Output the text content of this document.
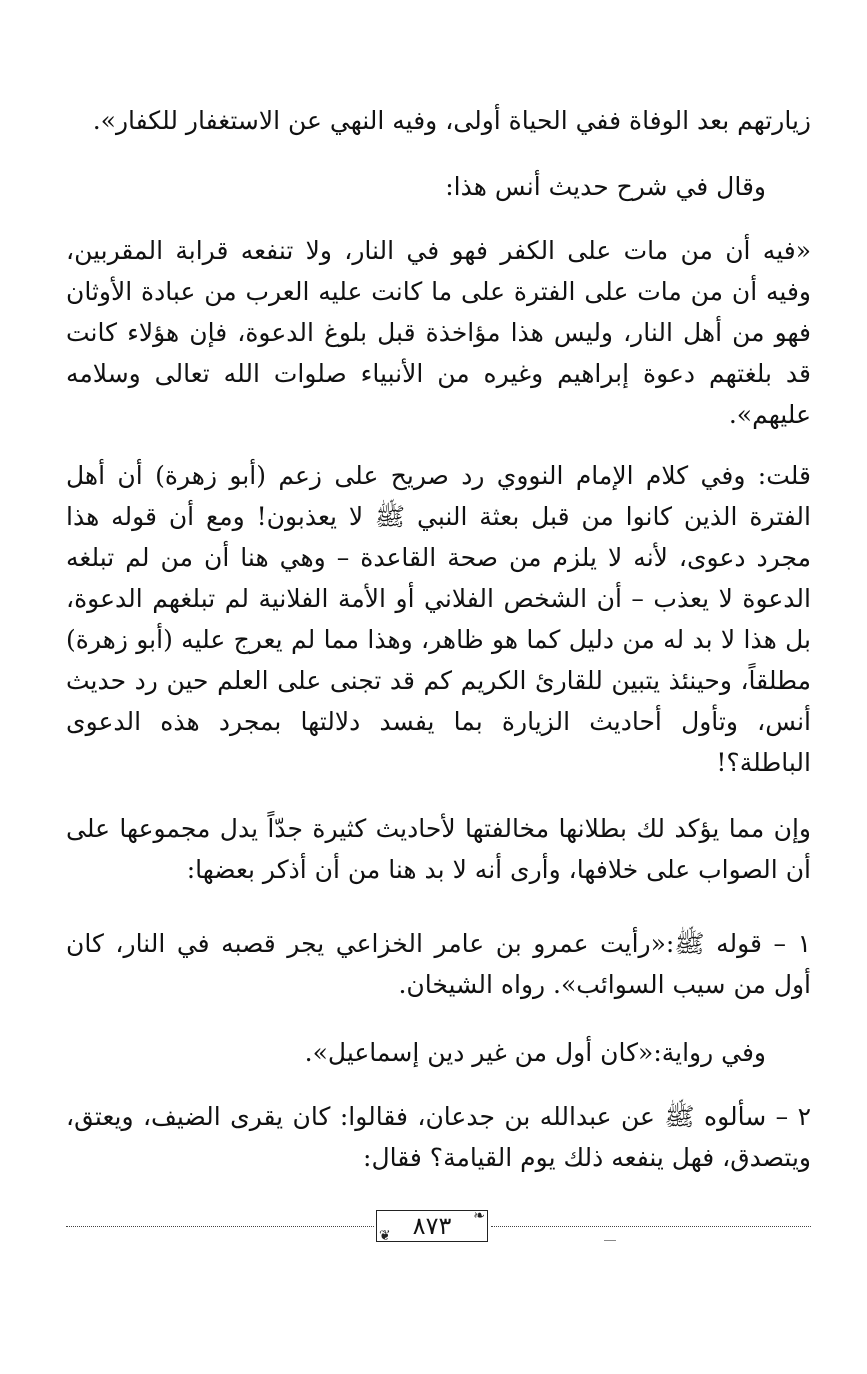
زيارتهم بعد الوفاة ففي الحياة أولى، وفيه النهي عن الاستغفار للكفار».

وقال في شرح حديث أنس هذا:

«فيه أن من مات على الكفر فهو في النار، ولا تنفعه قرابة المقربين، وفيه أن من مات على الفترة على ما كانت عليه العرب من عبادة الأوثان فهو من أهل النار، وليس هذا مؤاخذة قبل بلوغ الدعوة، فإن هؤلاء كانت قد بلغتهم دعوة إبراهيم وغيره من الأنبياء صلوات الله تعالى وسلامه عليهم».

قلت: وفي كلام الإمام النووي رد صريح على زعم (أبو زهرة) أن أهل الفترة الذين كانوا من قبل بعثة النبي ﷺ لا يعذبون! ومع أن قوله هذا مجرد دعوى، لأنه لا يلزم من صحة القاعدة – وهي هنا أن من لم تبلغه الدعوة لا يعذب – أن الشخص الفلاني أو الأمة الفلانية لم تبلغهم الدعوة، بل هذا لا بد له من دليل كما هو ظاهر، وهذا مما لم يعرج عليه (أبو زهرة) مطلقاً، وحينئذ يتبين للقارئ الكريم كم قد تجنى على العلم حين رد حديث أنس، وتأول أحاديث الزيارة بما يفسد دلالتها بمجرد هذه الدعوى الباطلة؟!

وإن مما يؤكد لك بطلانها مخالفتها لأحاديث كثيرة جدّاً يدل مجموعها على أن الصواب على خلافها، وأرى أنه لا بد هنا من أن أذكر بعضها:

١ – قوله ﷺ:«رأيت عمرو بن عامر الخزاعي يجر قصبه في النار، كان أول من سيب السوائب». رواه الشيخان.

وفي رواية:«كان أول من غير دين إسماعيل».

٢ – سألوه ﷺ عن عبدالله بن جدعان، فقالوا: كان يقرى الضيف، ويعتق، ويتصدق، فهل ينفعه ذلك يوم القيامة؟ فقال:

❧
٨٧٣
❦
